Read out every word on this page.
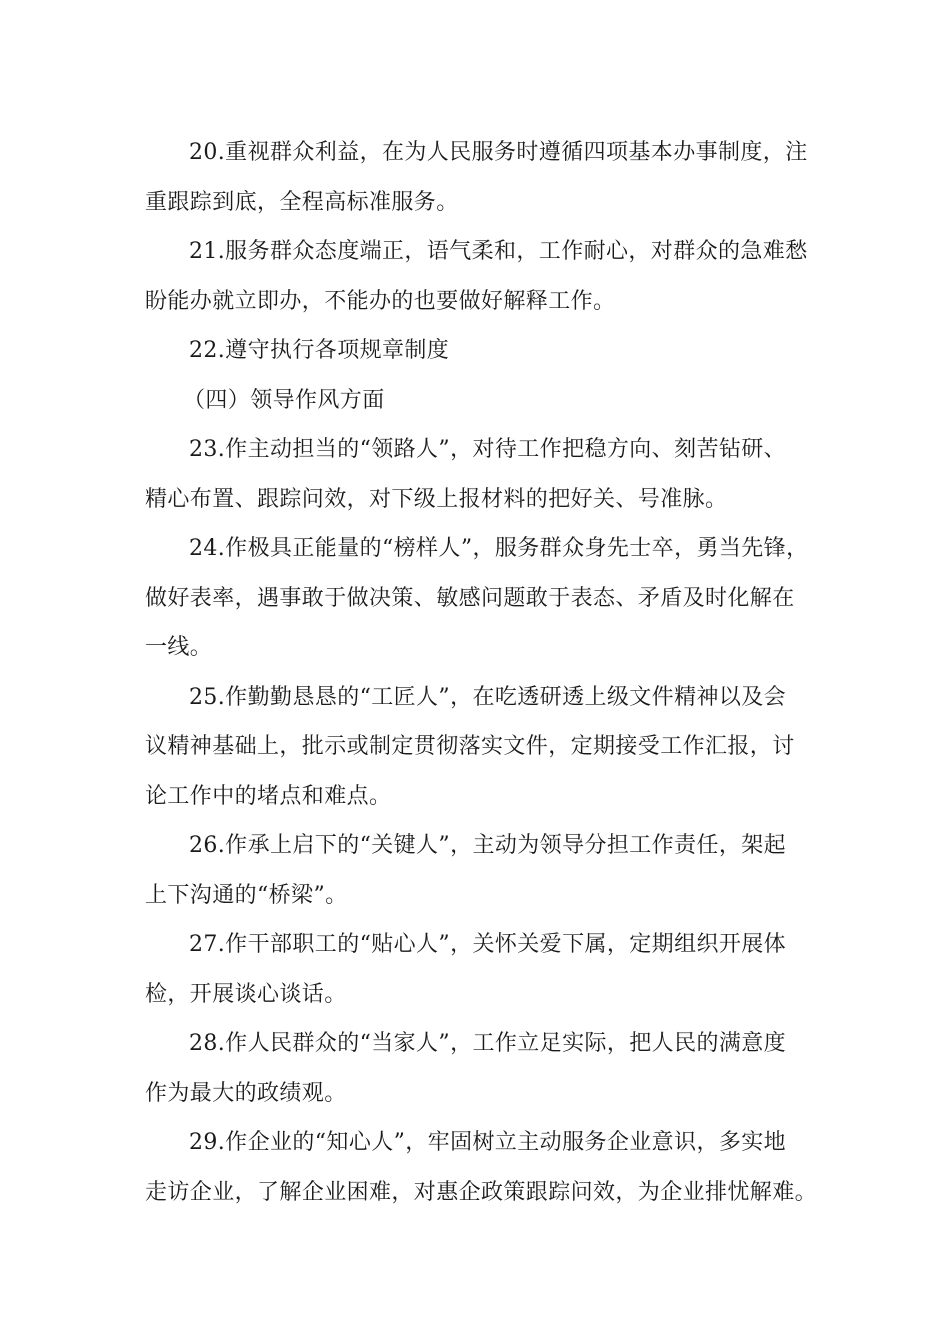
20.重视群众利益，在为人民服务时遵循四项基本办事制度，注
重跟踪到底，全程高标准服务。

21.服务群众态度端正，语气柔和，工作耐心，对群众的急难愁
盼能办就立即办，不能办的也要做好解释工作。

22.遵守执行各项规章制度

（四）领导作风方面

23.作主动担当的“领路人”，对待工作把稳方向、刻苦钻研、
精心布置、跟踪问效，对下级上报材料的把好关、号准脉。

24.作极具正能量的“榜样人”，服务群众身先士卒，勇当先锋，
做好表率，遇事敢于做决策、敏感问题敢于表态、矛盾及时化解在
一线。

25.作勤勤恳恳的“工匠人”，在吃透研透上级文件精神以及会
议精神基础上，批示或制定贯彻落实文件，定期接受工作汇报，讨
论工作中的堵点和难点。

26.作承上启下的“关键人”，主动为领导分担工作责任，架起
上下沟通的“桥梁”。

27.作干部职工的“贴心人”，关怀关爱下属，定期组织开展体
检，开展谈心谈话。

28.作人民群众的“当家人”，工作立足实际，把人民的满意度
作为最大的政绩观。

29.作企业的“知心人”，牢固树立主动服务企业意识，多实地
走访企业，了解企业困难，对惠企政策跟踪问效，为企业排忧解难。
